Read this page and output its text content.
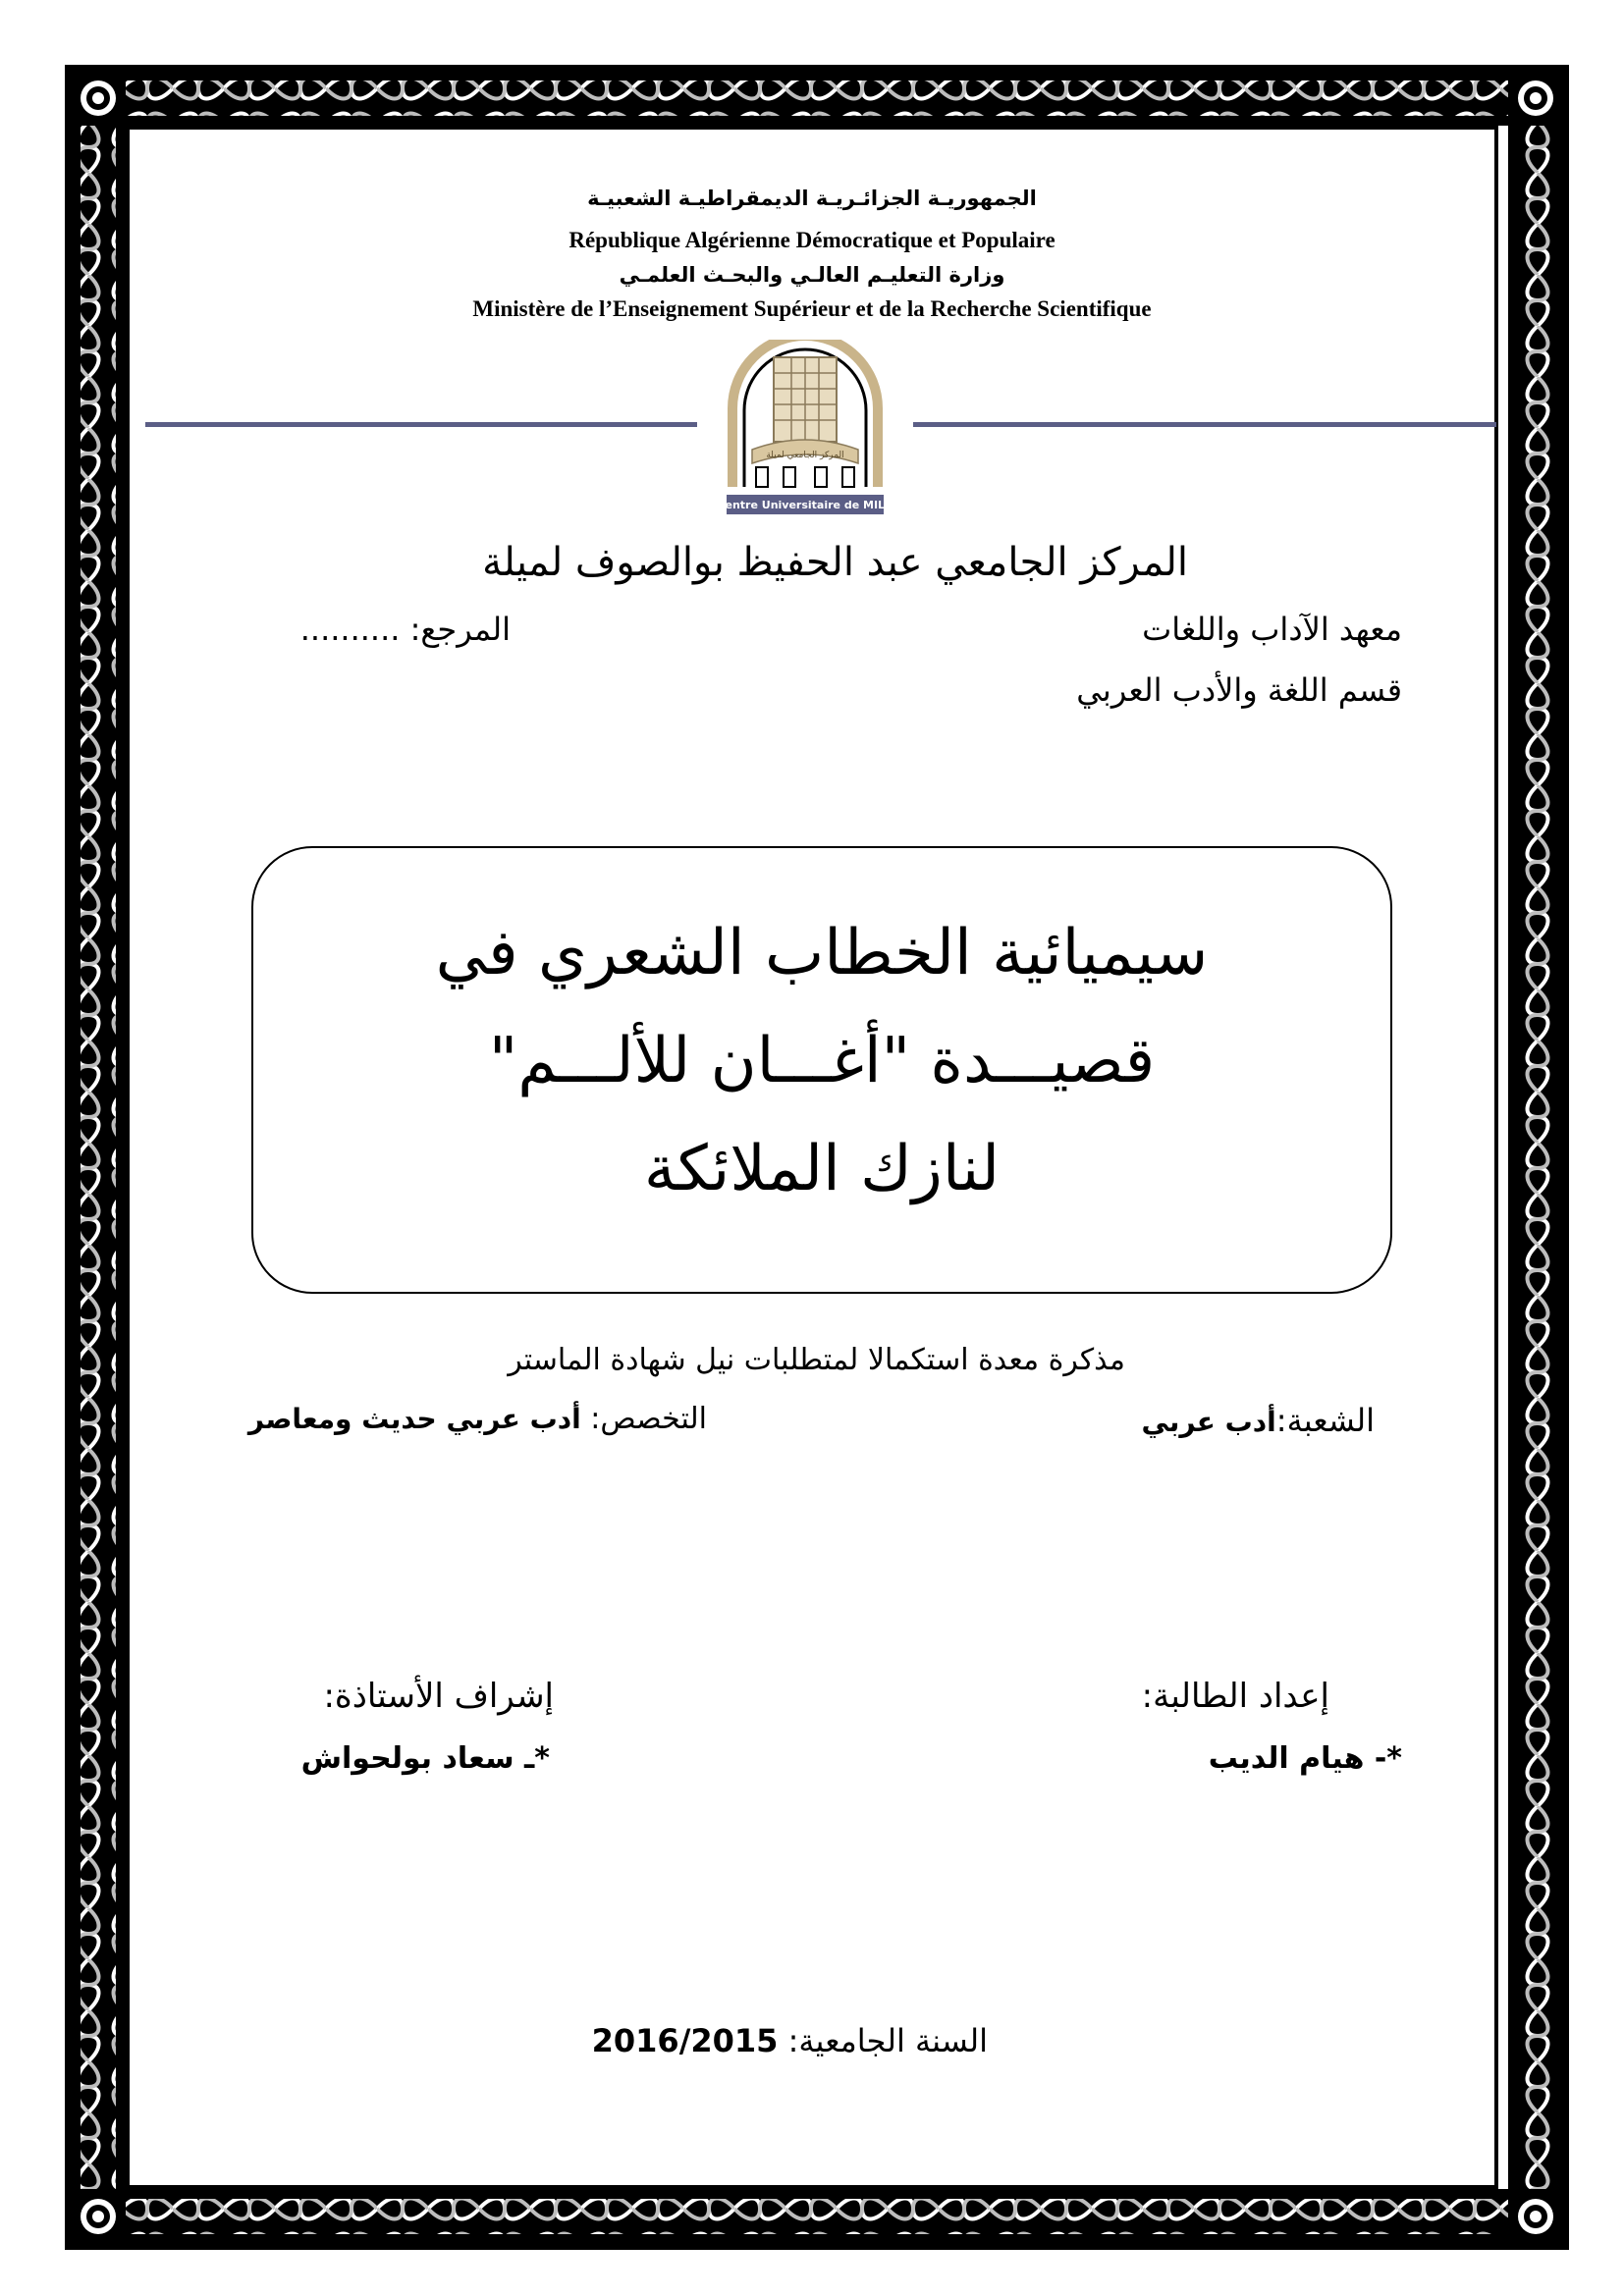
الجمهوريـة الجزائـريـة الديمقراطيـة الشعبيـة
République Algérienne Démocratique et Populaire
وزارة التعليـم العالـي والبحـث العلمـي
Ministère de l’Enseignement Supérieur et de la Recherche Scientifique
المركز الجامعي لميلة
Centre Universitaire de MILA
المركز الجامعي عبد الحفيظ بوالصوف لميلة
معهد الآداب واللغات
المرجع: ..........
قسم اللغة والأدب العربي
سيميائية الخطاب الشعري في
قصيـــدة "أغـــان للألـــم"
لنازك الملائكة
مذكرة معدة استكمالا لمتطلبات نيل شهادة الماستر
الشعبة:أدب عربي
التخصص: أدب عربي حديث ومعاصر
إعداد الطالبة:
*- هيام الديب
إشراف الأستاذة:
*ـ سعاد بولحواش
السنة الجامعية: 2016/2015
